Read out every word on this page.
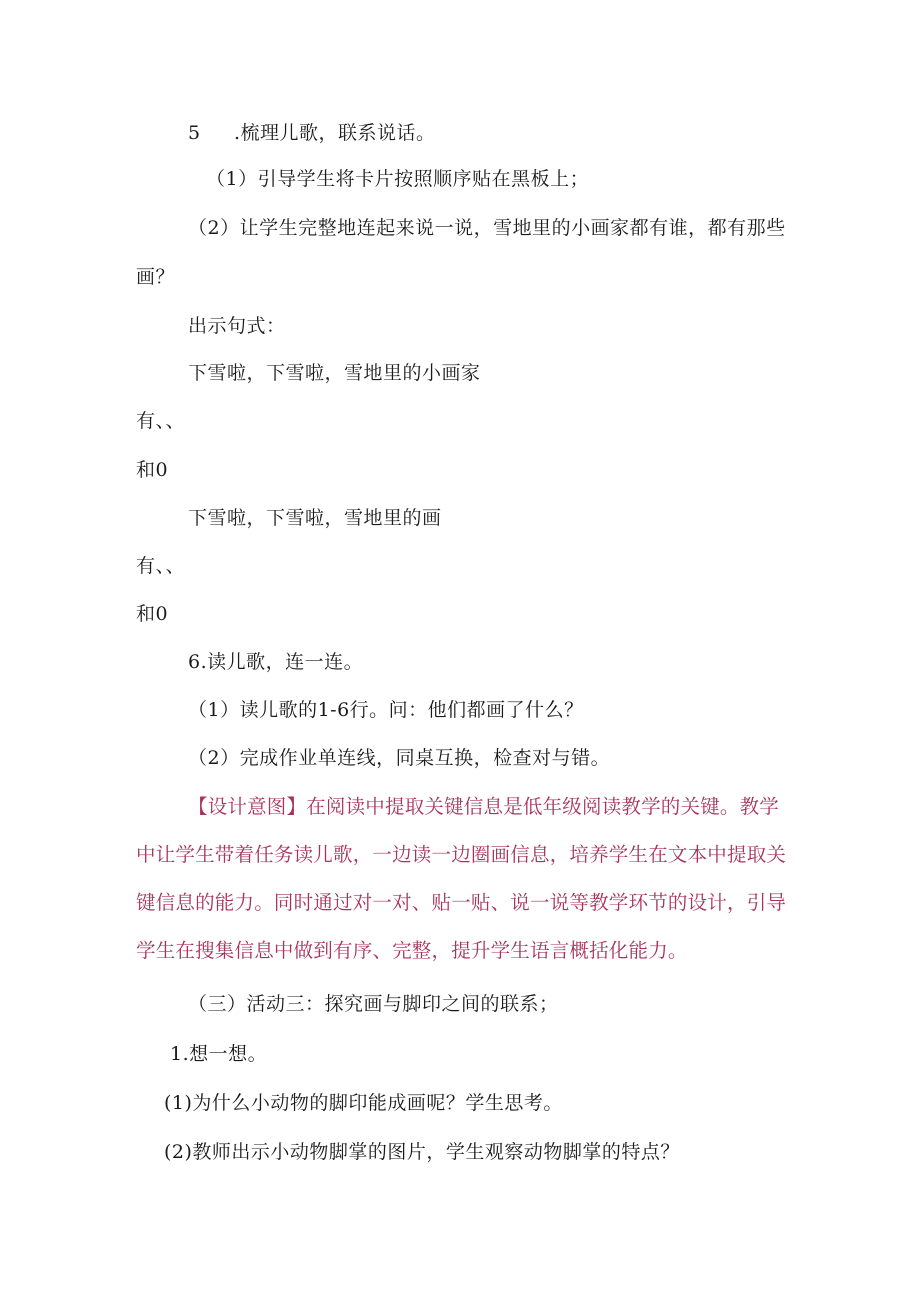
5 .梳理儿歌，联系说话。
（1）引导学生将卡片按照顺序贴在黑板上；
（2）让学生完整地连起来说一说，雪地里的小画家都有谁，都有那些
画？
出示句式：
下雪啦，下雪啦，雪地里的小画家
有、、
和0
下雪啦，下雪啦，雪地里的画
有、、
和0
6.读儿歌，连一连。
（1）读儿歌的1-6行。问：他们都画了什么？
（2）完成作业单连线，同桌互换，检查对与错。
【设计意图】在阅读中提取关键信息是低年级阅读教学的关键。教学
中让学生带着任务读儿歌，一边读一边圈画信息，培养学生在文本中提取关
键信息的能力。同时通过对一对、贴一贴、说一说等教学环节的设计，引导
学生在搜集信息中做到有序、完整，提升学生语言概括化能力。
（三）活动三：探究画与脚印之间的联系；
1.想一想。
(1)为什么小动物的脚印能成画呢？学生思考。
(2)教师出示小动物脚掌的图片，学生观察动物脚掌的特点？
